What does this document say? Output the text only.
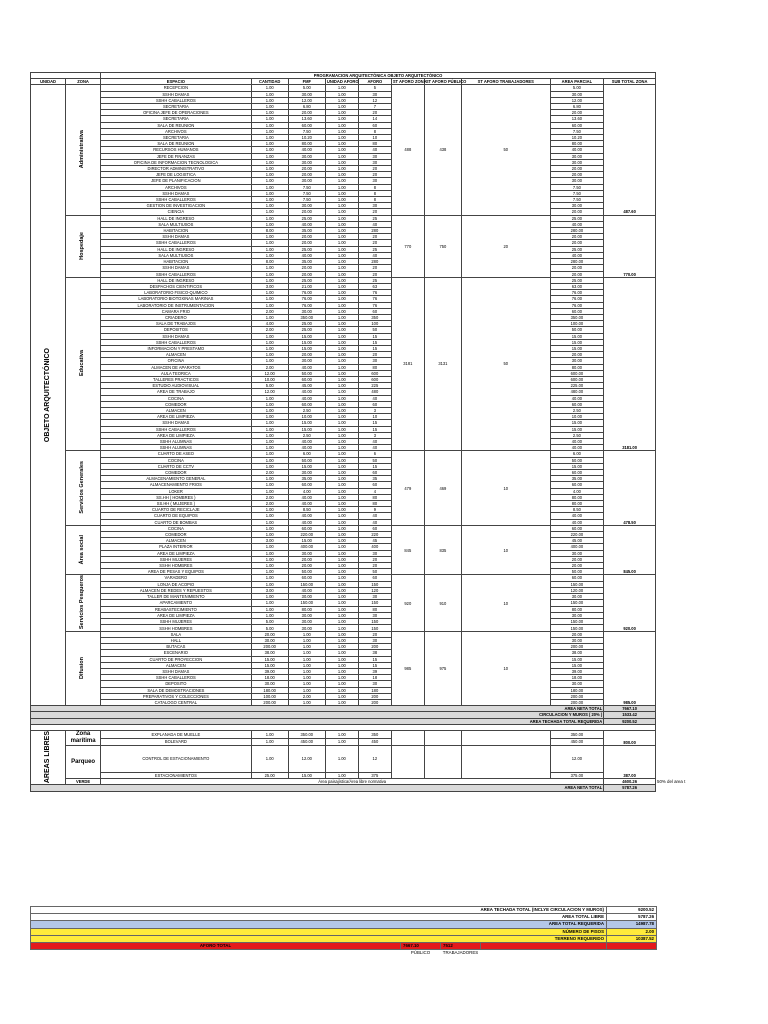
		PROGRAMACION ARQUITECTÓNICA OBJETO ARQUITECTÓNICO									
UNIDAD	ZONA	ESPACIO	CANTIDAD	FMF	UNIDAD AFORO	AFORO	ST AFORO ZONA	ST AFORO PÚBLICO	ST AFORO TRABAJADORES	AREA PARCIAL	SUB TOTAL ZONA
OBJETO ARQUITECTÓNICO	Administrativa	RECEPCION	1.00	5.00	1.00	5	488	438	50	5.00	487.60
		SSHH DAMAS	1.00	30.00	1.00	30				30.00	
		SSHH CABALLEROS	1.00	12.00	1.00	12				12.00	
		SECRETARIA	1.00	6.80	1.00	7				6.80	
		OFICINA JEFE DE OPERACIONES	1.00	20.00	1.00	20				20.00	
		SECRETARIA	1.00	13.60	1.00	14				13.60	
		SALA DE REUNION	1.00	60.00	1.00	60				60.00	
		ARCHIVOS	1.00	7.50	1.00	8				7.50	
		SECRETARIA	1.00	10.20	1.00	10				10.20	
		SALA DE REUNION	1.00	80.00	1.00	80				80.00	
		RECURSOS HUMANOS	1.00	40.00	1.00	40				40.00	
		JEFE DE FINANZAS	1.00	30.00	1.00	30				30.00	
		OFICINA DE INFORMACION TECNOLOGICA	1.00	30.00	1.00	30				30.00	
		DIRECTOR ADMINISTRATIVO	1.00	20.00	1.00	20				20.00	
		JEFE DE LOGISTICA	1.00	20.00	1.00	20				20.00	
		JEFE DE PLANIFICACION	1.00	30.00	1.00	30				30.00	
		ARCHIVOS	1.00	7.50	1.00	8				7.50	
		SSHH DAMAS	1.00	7.50	1.00	8				7.50	
		SSHH CABALLEROS	1.00	7.50	1.00	8				7.50	
		GESTION DE INVESTIGACION	1.00	30.00	1.00	30				30.00	
		CIENCIA	1.00	20.00	1.00	20				20.00	
	Hospedaje	HALL DE INGRESO	1.00	25.00	1.00	25	770	750	20	25.00	770.00
		SALA MULTIUSOS	1.00	40.00	1.00	40				40.00	
		HABITACION	8.00	35.00	1.00	280				280.00	
		SSHH DAMAS	1.00	20.00	1.00	20				20.00	
		SSHH CABALLEROS	1.00	20.00	1.00	20				20.00	
		HALL DE INGRESO	1.00	25.00	1.00	25				25.00	
		SALA MULTIUSOS	1.00	40.00	1.00	40				40.00	
		HABITACION	8.00	35.00	1.00	280				280.00	
		SSHH DAMAS	1.00	20.00	1.00	20				20.00	
		SSHH CABALLEROS	1.00	20.00	1.00	20				20.00	
	Educativa	HALL DE INGRESO	1.00	25.00	1.00	25	3181	3131	50	25.00	3181.00
		DESPACHOS CIENTIFICOS	3.00	21.00	1.00	63				63.00	
		LABORATORIO FISICO-QUIMICO	1.00	76.00	1.00	76				76.00	
		LABORATORIO BIOTOXINAS MARINAS	1.00	76.00	1.00	76				76.00	
		LABORATORIO DE INSTRUMENTACION	1.00	76.00	1.00	76				76.00	
		CAMARA FRIO	2.00	30.00	1.00	60				60.00	
		CRIADERO	1.00	350.00	1.00	350				350.00	
		SALA DE TRABAJOS	4.00	25.00	1.00	100				100.00	
		DEPOSITOS	2.00	25.00	1.00	50				50.00	
		SSHH DAMAS	1.00	15.00	1.00	15				15.00	
		SSHH CABALLEROS	1.00	15.00	1.00	15				15.00	
		INFORMACION Y PRESTAMO	1.00	15.00	1.00	15				15.00	
		ALMACEN	1.00	20.00	1.00	20				20.00	
		OFICINA	1.00	30.00	1.00	30				30.00	
		ALMACEN DE APARATOS	2.00	40.00	1.00	80				80.00	
		AULA TEORICA	12.00	50.00	1.00	600				600.00	
		TALLERES PRACTICOS	10.00	60.00	1.00	600				600.00	
		ESTUDIO AUDIOVISUAL	5.00	45.00	1.00	225				225.00	
		AREA DE TRABAJO	12.00	40.00	1.00	480				480.00	
		COCINA	1.00	40.00	1.00	40				40.00	
		COMEDOR	1.00	60.00	1.00	60				60.00	
		ALMACEN	1.00	2.50	1.00	3				2.50	
		AREA DE LIMPIEZA	1.00	10.00	1.00	10				10.00	
		SSHH DAMAS	1.00	15.00	1.00	15				15.00	
		SSHH CABALLEROS	1.00	15.00	1.00	15				15.00	
		AREA DE LIMPIEZA	1.00	2.50	1.00	3				2.50	
		SSHH ALUMNAS	1.00	40.00	1.00	40				40.00	
		SSHH ALUMNAS	1.00	40.00	1.00	40				40.00	
	Servicios Generales	CUARTO DE ASEO	1.00	6.00	1.00	6	479	469	10	6.00	478.50
		COCINA	1.00	50.00	1.00	50				50.00	
		CUARTO DE CCTV	1.00	15.00	1.00	15				15.00	
		COMEDOR	2.00	30.00	1.00	60				60.00	
		ALMACENAMIENTO GENERAL	1.00	35.00	1.00	35				35.00	
		ALMACENAMIENTO FRIOS	1.00	60.00	1.00	60				60.00	
		LOKER	1.00	4.00	1.00	4				4.00	
		SS.HH ( HOMBRES )	2.00	40.00	1.00	80				80.00	
		SS.HH ( MUJERES )	2.00	40.00	1.00	80				80.00	
		CUARTO DE RECICLAJE	1.00	8.50	1.00	9				8.50	
		CUARTO DE EQUIPOS	1.00	40.00	1.00	40				40.00	
		CUARTO DE BOMBAS	1.00	40.00	1.00	40				40.00	
	Área social	COCINA	1.00	60.00	1.00	60	845	835	10	60.00	845.00
		COMEDOR	1.00	220.00	1.00	220				220.00	
		ALMACEN	3.00	15.00	1.00	45				45.00	
		PLAZA INTERIOR	1.00	400.00	1.00	400				400.00	
		AREA DE LIMPIEZA	1.00	30.00	1.00	30				30.00	
		SSHH MUJERES	1.00	20.00	1.00	20				20.00	
		SSHH HOMBRES	1.00	20.00	1.00	20				20.00	
		AREA DE PESAS Y EQUIPOS	1.00	50.00	1.00	50				50.00	
	Servicios Pesqueros	VARADERO	1.00	60.00	1.00	60	920	910	10	60.00	920.00
		LONJA DE ACOPIO	1.00	150.00	1.00	150				150.00	
		ALMACEN DE REDES Y REPUESTOS	3.00	40.00	1.00	120				120.00	
		TALLER DE MANTENIMIENTO	1.00	30.00	1.00	30				30.00	
		APARCAMIENTO	1.00	150.00	1.00	150				150.00	
		REABASTECIMIENTO	1.00	80.00	1.00	80				80.00	
		AREA DE LIMPIEZA	1.00	30.00	1.00	30				30.00	
		SSHH MUJERES	5.00	30.00	1.00	150				150.00	
		SSHH HOMBRES	5.00	30.00	1.00	150				150.00	
	Difusion	SALA	20.00	1.00	1.00	20	985	975	10	20.00	985.00
		HALL	30.00	1.00	1.00	30				30.00	
		BUTACAS	200.00	1.00	1.00	200				200.00	
		ESCENARIO	38.00	1.00	1.00	38				38.00	
		CUARTO DE PROYECCION	15.00	1.00	1.00	15				15.00	
		ALMACEN	15.00	1.00	1.00	15				15.00	
		SSHH DAMAS	39.00	1.00	1.00	39				39.00	
		SSHH CABALLEROS	18.00	1.00	1.00	18				18.00	
		DEPOSITO	30.00	1.00	1.00	30				30.00	
		SALA DE DEMOSTRACIONES	180.00	1.00	1.00	180				180.00	
		PREPARATIVOS Y COLECCIONES	100.00	2.00	1.00	200				200.00	
		CATALOGO CENTRAL	200.00	1.00	1.00	200				200.00	
AREA NETA TOTAL											7667.10
CIRCULACION Y MUROS ( 20% )											1533.42
AREA TECHADA TOTAL REQUERIDA											9200.52

AREAS LIBRES	Zona marítima	EXPLANADA DE MUELLE	1.00	350.00	1.00	350				350.00	800.00
		BOLEVARD	1.00	450.00	1.00	450				450.00	
	Parqueo	CONTROL DE ESTACIONAMIENTO	1.00	12.00	1.00	12				12.00	387.00
		ESTACIONAMIENTOS	25.00	15.00	1.00	375				375.00	
	VERDE	Área paisajística/Área libre normativa									4600.26
AREA NETA TOTAL											5787.26
AREA TECHADA TOTAL (INCLYE CIRCULACION Y MUROS)				9200.52
AREA TOTAL LIBRE				5787.26
AREA TOTAL REQUERIDA				14987.78
NÚMERO DE PISOS				2.00
TERRENO REQUERIDO				10387.52
AFORO TOTAL	7667.10	7512		
	PÚBLICO	TRABAJADORES		
50% del area t
